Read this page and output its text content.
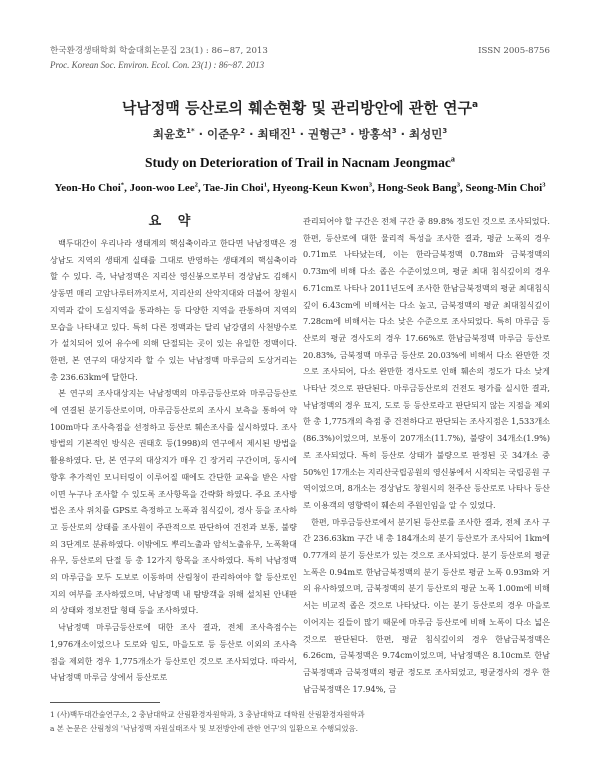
한국환경생태학회 학술대회논문집 23(1) : 86~87, 2013	ISSN 2005-8756
Proc. Korean Soc. Environ. Ecol. Con. 23(1) : 86~87. 2013
낙남정맥 등산로의 훼손현황 및 관리방안에 관한 연구$^a$
최윤호$^{1*}$ · 이준우$^2$ · 최태진$^1$ · 권형근$^3$ · 방홍석$^3$ · 최성민$^3$
Study on Deterioration of Trail in Nacnam Jeongmac$^a$
Yeon-Ho Choi*, Joon-woo Lee$^2$, Tae-Jin Choi$^1$, Hyeong-Keun Kwon$^3$, Hong-Seok Bang$^3$, Seong-Min Choi$^3$
요 약

백두대간이 우리나라 생태계의 핵심축이라고 한다면 낙남정맥은 경상남도 지역의 생태계 실태를 그대로 반영하는 생태계의 핵심축이라 할 수 있다. 즉, 낙남정맥은 지리산 영신봉으로부터 경상남도 김해시 상동면 매리 고암나루터까지로서, 지리산의 산악지대와 더불어 창원시 지역과 같이 도심지역을 통과하는 등 다양한 지역을 관통하며 지역의 모습을 나타내고 있다. 특히 다른 정맥과는 달리 남강댐의 사천방수로가 설치되어 있어 유수에 의해 단절되는 곳이 있는 유일한 정맥이다. 한편, 본 연구의 대상지라 할 수 있는 낙남정맥 마루금의 도상거리는 총 236.63km에 달한다.

본 연구의 조사대상지는 낙남정맥의 마루금등산로와 마루금등산로에 연결된 분기등산로이며, 마루금등산로의 조사시 보측을 통하여 약 100m마다 조사측점을 선정하고 등산로 훼손조사를 실시하였다. 조사방법의 기본적인 방식은 권태호 등(1998)의 연구에서 제시된 방법을 활용하였다. 단, 본 연구의 대상지가 매우 긴 장거리 구간이며, 동시에 향후 추가적인 모니터링이 이루어질 때에도 간단한 교육을 받은 사람이면 누구나 조사할 수 있도록 조사항목을 간략화 하였다. 주요 조사방법은 조사 위치를 GPS로 측정하고 노폭과 침식깊이, 경사 등을 조사하고 등산로의 상태를 조사원이 주관적으로 판단하여 건전과 보통, 불량의 3단계로 분류하였다. 이밖에도 뿌리노출과 암석노출유무, 노폭확대유무, 등산로의 단절 등 총 12가지 항목을 조사하였다. 특히 낙남정맥의 마루금을 모두 도보로 이동하며 산림청이 관리하여야 할 등산로인지의 여부를 조사하였으며, 낙남정맥 내 탐방객을 위해 설치된 안내판의 상태와 정보전달 형태 등을 조사하였다.

낙남정맥 마루금등산로에 대한 조사 결과, 전체 조사측점수는 1,976개소이었으나 도로와 임도, 마을도로 등 등산로 이외의 조사측점을 제외한 경우 1,775개소가 등산로인 것으로 조사되었다. 따라서, 낙남정맥 마루금 상에서 등산로로

관리되어야 할 구간은 전체 구간 중 89.8% 정도인 것으로 조사되었다. 한편, 등산로에 대한 물리적 특성을 조사한 결과, 평균 노폭의 경우 0.71m로 나타났는데, 이는 한라금북정맥 0.78m와 금북정맥의 0.73m에 비해 다소 좁은 수준이었으며, 평균 최대 침식깊이의 경우 6.71cm로 나타나 2011년도에 조사한 한남금북정맥의 평균 최대침식깊이 6.43cm에 비해서는 다소 높고, 금북정맥의 평균 최대침식깊이 7.28cm에 비해서는 다소 낮은 수준으로 조사되었다. 특히 마루금 등산로의 평균 경사도의 경우 17.66%로 한남금북정맥 마루금 등산로 20.83%, 금북정맥 마루금 등산로 20.03%에 비해서 다소 완만한 것으로 조사되어, 다소 완만한 경사도로 인해 훼손의 정도가 다소 낮게 나타난 것으로 판단된다. 마루금등산로의 건전도 평가를 실시한 결과, 낙남정맥의 경우 묘지, 도로 등 등산로라고 판단되지 않는 지점을 제외한 총 1,775개의 측점 중 건전하다고 판단되는 조사지점은 1,533개소(86.3%)이었으며, 보통이 207개소(11.7%), 불량이 34개소(1.9%)로 조사되었다. 특히 등산로 상태가 불량으로 판정된 곳 34개소 중 50%인 17개소는 지리산국립공원의 영신봉에서 시작되는 국립공원 구역이었으며, 8개소는 경상남도 창원시의 천주산 등산로로 나타나 등산로 이용객의 영향력이 훼손의 주원인임을 알 수 있었다.

한편, 마루금등산로에서 분기된 등산로를 조사한 결과, 전체 조사 구간 236.63km 구간 내 총 184개소의 분기 등산로가 조사되어 1km에 0.77개의 분기 등산로가 있는 것으로 조사되었다. 분기 등산로의 평균 노폭은 0.94m로 한남금북정맥의 분기 등산로 평균 노폭 0.93m와 거의 유사하였으며, 금북정맥의 분기 등산로의 평균 노폭 1.00m에 비해서는 비교적 좁은 것으로 나타났다. 이는 분기 등산로의 경우 마을로 이어지는 길들이 많기 때문에 마루금 등산로에 비해 노폭이 다소 넓은 것으로 판단된다. 한편, 평균 침식깊이의 경우 한남금북정맥은 6.26cm, 금북정맥은 9.74cm이었으며, 낙남정맥은 8.10cm로 한남금북정맥과 금북정맥의 평균 정도로 조사되었고, 평균경사의 경우 한남금북정맥은 17.94%, 금

1 (사)백두대간숲연구소, 2 충남대학교 산림환경자원학과, 3 충남대학교 대학원 산림환경자원학과
a 본 논문은 산림청의 '낙남정맥 자원실태조사 및 보전방안에 관한 연구'의 일환으로 수행되었음.
